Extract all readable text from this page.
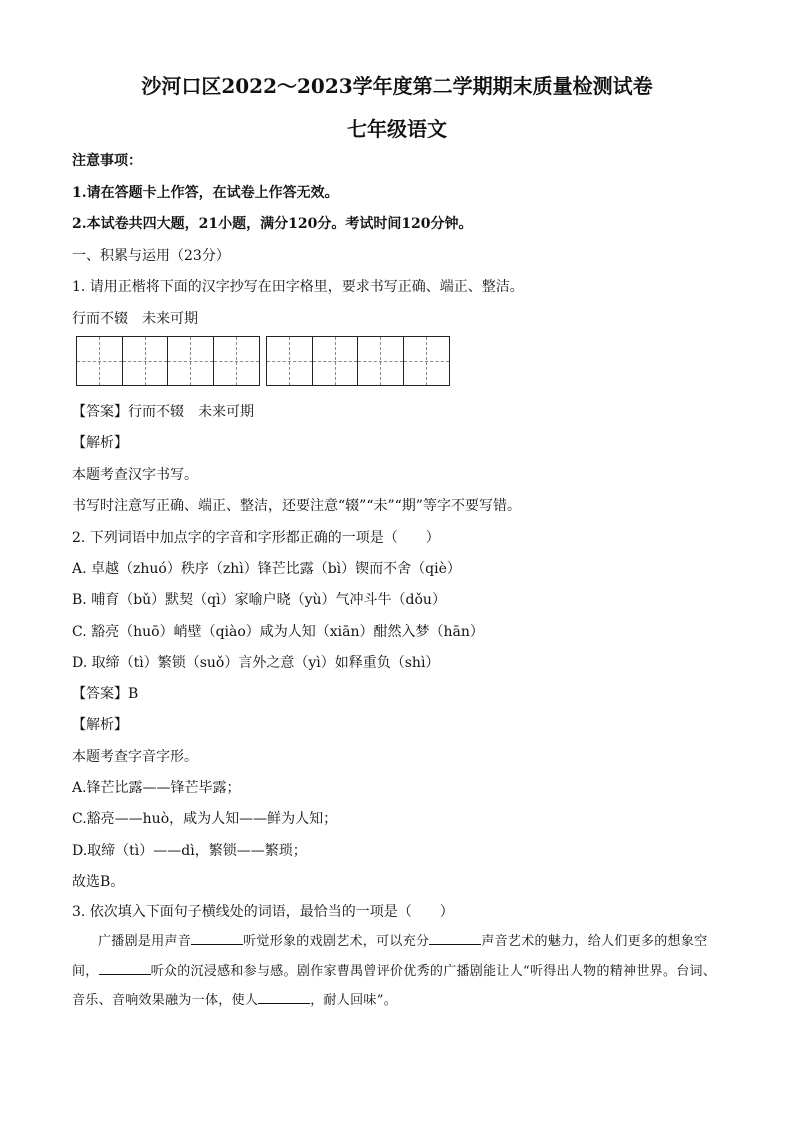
沙河口区2022～2023学年度第二学期期末质量检测试卷
七年级语文
注意事项：
1.请在答题卡上作答，在试卷上作答无效。
2.本试卷共四大题，21小题，满分120分。考试时间120分钟。
一、积累与运用（23分）
1. 请用正楷将下面的汉字抄写在田字格里，要求书写正确、端正、整洁。
行而不辍　未来可期
【答案】行而不辍　未来可期
【解析】
本题考查汉字书写。
书写时注意写正确、端正、整洁，还要注意“辍”“未”“期”等字不要写错。
2. 下列词语中加点字的字音和字形都正确的一项是（　　）
A. 卓越（zhuó）秩序（zhì）锋芒比露（bì）锲而不舍（qiè）
B. 哺育（bǔ）默契（qì）家喻户晓（yù）气冲斗牛（dǒu）
C. 豁亮（huō）峭壁（qiào）咸为人知（xiān）酣然入梦（hān）
D. 取缔（tì）繁锁（suǒ）言外之意（yì）如释重负（shì）
【答案】B
【解析】
本题考查字音字形。
A.锋芒比露——锋芒毕露；
C.豁亮——huò，咸为人知——鲜为人知；
D.取缔（tì）——dì，繁锁——繁琐；
故选B。
3. 依次填入下面句子横线处的词语，最恰当的一项是（　　）
广播剧是用声音	听觉形象的戏剧艺术，可以充分	声音艺术的魅力，给人们更多的想象空间，	听众的沉浸感和参与感。剧作家曹禺曾评价优秀的广播剧能让人“听得出人物的精神世界。台词、音乐、音响效果融为一体，使人	，耐人回味”。
